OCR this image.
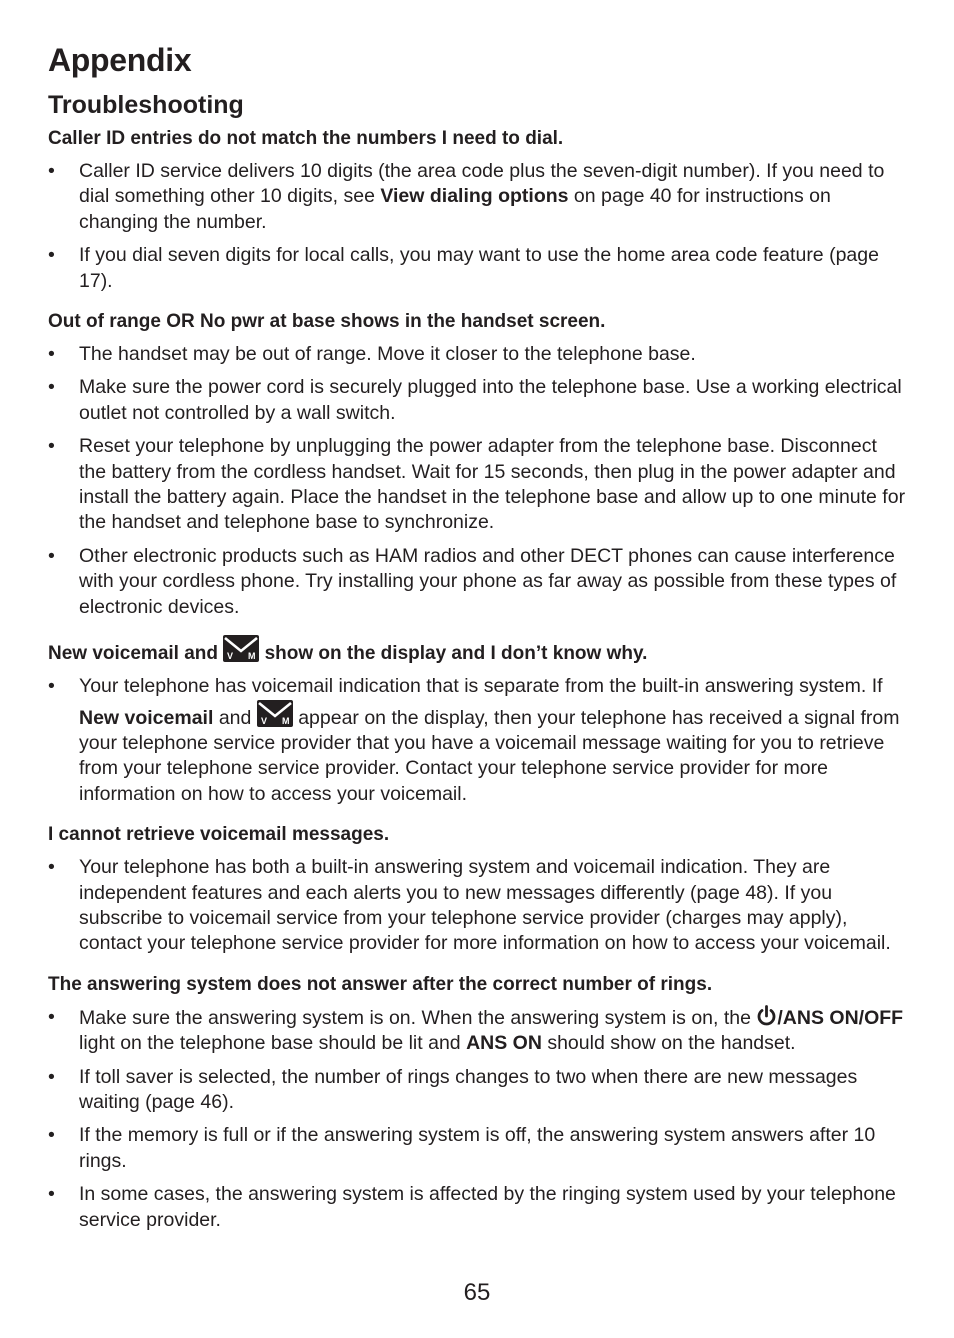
Appendix
Troubleshooting

Caller ID entries do not match the numbers I need to dial.

• Caller ID service delivers 10 digits (the area code plus the seven-digit number). If you need to dial something other 10 digits, see View dialing options on page 40 for instructions on changing the number.
• If you dial seven digits for local calls, you may want to use the home area code feature (page 17).

Out of range OR No pwr at base shows in the handset screen.

• The handset may be out of range. Move it closer to the telephone base.
• Make sure the power cord is securely plugged into the telephone base. Use a working electrical outlet not controlled by a wall switch.
• Reset your telephone by unplugging the power adapter from the telephone base. Disconnect the battery from the cordless handset. Wait for 15 seconds, then plug in the power adapter and install the battery again. Place the handset in the telephone base and allow up to one minute for the handset and telephone base to synchronize.
• Other electronic products such as HAM radios and other DECT phones can cause interference with your cordless phone. Try installing your phone as far away as possible from these types of electronic devices.

New voicemail and V M show on the display and I don’t know why.

• Your telephone has voicemail indication that is separate from the built-in answering system. If New voicemail and V M appear on the display, then your telephone has received a signal from your telephone service provider that you have a voicemail message waiting for you to retrieve from your telephone service provider. Contact your telephone service provider for more information on how to access your voicemail.

I cannot retrieve voicemail messages.

• Your telephone has both a built-in answering system and voicemail indication. They are independent features and each alerts you to new messages differently (page 48). If you subscribe to voicemail service from your telephone service provider (charges may apply), contact your telephone service provider for more information on how to access your voicemail.

The answering system does not answer after the correct number of rings.

• Make sure the answering system is on. When the answering system is on, the /ANS ON/OFF light on the telephone base should be lit and ANS ON should show on the handset.
• If toll saver is selected, the number of rings changes to two when there are new messages waiting (page 46).
• If the memory is full or if the answering system is off, the answering system answers after 10 rings.
• In some cases, the answering system is affected by the ringing system used by your telephone service provider.
65
